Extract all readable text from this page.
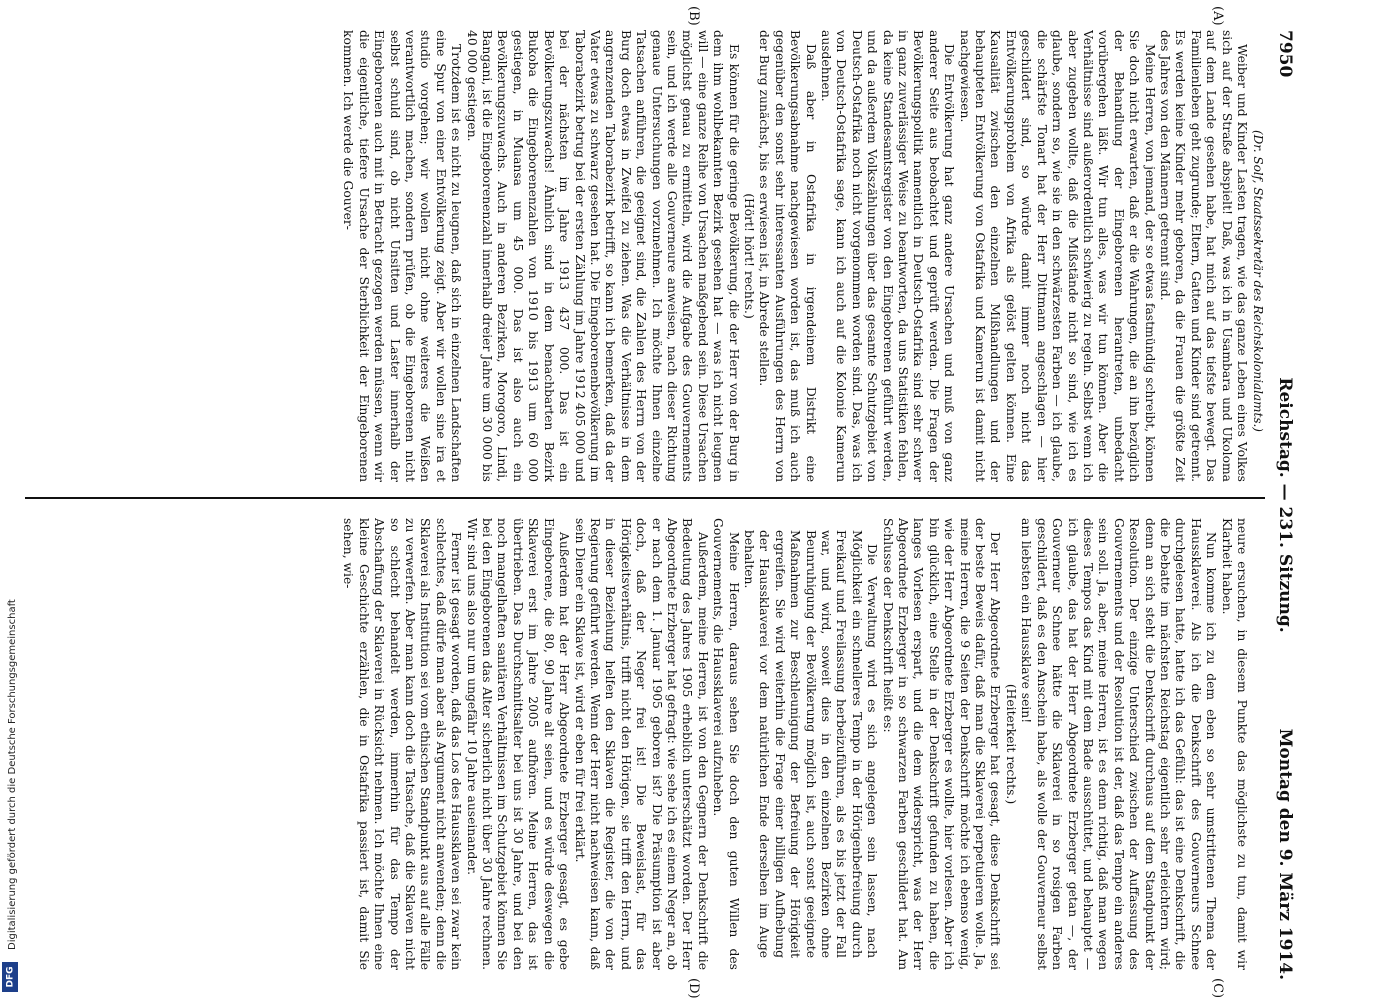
7950
Reichstag. — 231. Sitzung.
Montag den 9. März 1914.
(Dr. Solf, Staatssekretär des Reichskolonialamts.)
(A)
(B)
(C)
(D)

Weiber und Kinder Lasten tragen, wie das ganze Leben eines Volkes sich auf der Straße abspielt! Daß, was ich in Usambara und Ukoloma auf dem Lande gesehen habe, hat mich auf das tiefste bewegt. Das Familienleben geht zugrunde; Eltern, Gatten und Kinder sind getrennt. Es werden keine Kinder mehr geboren, da die Frauen die größte Zeit des Jahres von den Männern getrennt sind.

Meine Herren, von jemand, der so etwas fastmündig schreibt, können Sie doch nicht erwarten, daß er die Wahrungen, die an ihn bezüglich der Behandlung der Eingeborenen herantreten, unbedacht vorübergehen läßt. Wir tun alles, was wir tun können. Aber die Verhältnisse sind außerordentlich schwierig zu regeln. Selbst wenn ich aber zugeben wollte, daß die Mißstände nicht so sind, wie ich es glaube, sondern so, wie sie in den schwärzesten Farben — ich glaube, die schärfste Tonart hat der Herr Dittmann angeschlagen — hier geschildert sind, so würde damit immer noch nicht das Entvölkerungsproblem von Afrika als gelöst gelten können. Eine Kausalität zwischen den einzelnen Mißhandlungen und der behaupteten Entvölkerung von Ostafrika und Kamerun ist damit nicht nachgewiesen.

Die Entvölkerung hat ganz andere Ursachen und muß von ganz anderer Seite aus beobachtet und geprüft werden. Die Fragen der Bevölkerungspolitik namentlich in Deutsch-Ostafrika sind sehr schwer in ganz zuverlässiger Weise zu beantworten, da uns Statistiken fehlen, da keine Standesamtsregister von den Eingeborenen geführt werden, und da außerdem Volkszählungen über das gesamte Schutzgebiet von Deutsch-Ostafrika noch nicht vorgenommen worden sind. Das, was ich von Deutsch-Ostafrika sage, kann ich auch auf die Kolonie Kamerun ausdehnen.

Daß aber in Ostafrika in irgendeinem Distrikt eine Bevölkerungsabnahme nachgewiesen worden ist, das muß ich auch gegenüber den sonst sehr interessanten Ausführungen des Herrn von der Burg zunächst, bis es erwiesen ist, in Abrede stellen.

(Hört! hört! rechts.)

Es können für die geringe Bevölkerung, die der Herr von der Burg in dem ihm wohlbekannten Bezirk gesehen hat — was ich nicht leugnen will — eine ganze Reihe von Ursachen maßgebend sein. Diese Ursachen möglichst genau zu ermitteln, wird die Aufgabe des Gouvernements sein, und ich werde alle Gouverneure anweisen, nach dieser Richtung genaue Untersuchungen vorzunehmen. Ich möchte Ihnen einzelne Tatsachen anführen, die geeignet sind, die Zahlen des Herrn von der Burg doch etwas in Zweifel zu ziehen. Was die Verhältnisse in dem angrenzenden Taborabezirk betrifft, so kann ich bemerken, daß da der Vater etwas zu schwarz gesehen hat. Die Eingeborenenbevölkerung im Taborabezirk betrug bei der ersten Zählung im Jahre 1912 405 000 und bei der nächsten im Jahre 1913 437 000. Das ist ein Bevölkerungszuwachs! Ähnlich sind in dem benachbarten Bezirk Bukoba die Eingeborenenzahlen von 1910 bis 1913 um 60 000 gestiegen, in Muansa um 45 000. Das ist also auch ein Bevölkerungszuwachs. Auch in anderen Bezirken, Morogoro, Lindi, Bangani, ist die Eingeborenenzahl innerhalb dreier Jahre um 30 000 bis 40 000 gestiegen.

Trotzdem ist es nicht zu leugnen, daß sich in einzelnen Landschaften eine Spur von einer Entvölkerung zeigt. Aber wir wollen sine ira et studio vorgehen; wir wollen nicht ohne weiteres die Weißen verantwortlich machen, sondern prüfen, ob die Eingeborenen nicht selbst schuld sind, ob nicht Unsitten und Laster innerhalb der Eingeborenen auch mit in Betracht gezogen werden müssen, wenn wir die eigentliche, tiefere Ursache der Sterblichkeit der Eingeborenen kommen. Ich werde die Gouver-

neure ersuchen, in diesem Punkte das möglichste zu tun, damit wir Klarheit haben.

Nun komme ich zu dem eben so sehr umstrittenen Thema der Haussklaverei. Als ich die Denkschrift des Gouverneurs Schnee durchgelesen hatte, hatte ich das Gefühl: das ist eine Denkschrift, die die Debatte im nächsten Reichstag eigentlich sehr erleichtern wird; denn an sich steht die Denkschrift durchaus auf dem Standpunkt der Resolution. Der einzige Unterschied zwischen der Auffassung des Gouvernements und der Resolution ist der, daß das Tempo ein anderes sein soll. Ja, aber, meine Herren, ist es denn richtig, daß man wegen dieses Tempos das Kind mit dem Bade ausschüttet, und behauptet — ich glaube, das hat der Herr Abgeordnete Erzberger getan —, der Gouverneur Schnee hätte die Sklaverei in so rosigen Farben geschildert, daß es den Anschein habe, als wolle der Gouverneur selbst am liebsten ein Haussklave sein!

(Heiterkeit rechts.)

Der Herr Abgeordnete Erzberger hat gesagt, diese Denkschrift sei der beste Beweis dafür, daß man die Sklaverei perpetuieren wolle. Ja, meine Herren, die 9 Seiten der Denkschrift möchte ich ebenso wenig, wie der Herr Abgeordnete Erzberger es wollte, hier vorlesen. Aber ich bin glücklich, eine Stelle in der Denkschrift gefunden zu haben, die langes Vorlesen erspart, und die dem widerspricht, was der Herr Abgeordnete Erzberger in so schwarzen Farben geschildert hat. Am Schlusse der Denkschrift heißt es:

Die Verwaltung wird es sich angelegen sein lassen, nach Möglichkeit ein schnelleres Tempo in der Hörigenbefreiung durch Freikauf und Freilassung herbeizuführen, als es bis jetzt der Fall war, und wird, soweit dies in den einzelnen Bezirken ohne Beunruhigung der Bevölkerung möglich ist, auch sonst geeignete Maßnahmen zur Beschleunigung der Befreiung der Hörigkeit ergreifen. Sie wird weiterhin die Frage einer billigen Aufhebung der Haussklaverei vor dem natürlichen Ende derselben im Auge behalten.

Meine Herren, daraus sehen Sie doch den guten Willen des Gouvernements, die Haussklaverei aufzuheben.

Außerdem, meine Herren, ist von den Gegnern der Denkschrift die Bedeutung des Jahres 1905 erheblich unterschätzt worden. Der Herr Abgeordnete Erzberger hat gefragt: wie sehe ich es einem Neger an, ob er nach dem 1. Januar 1905 geboren ist? Die Präsumption ist aber doch, daß der Neger frei ist! Die Beweislast, für das Hörigkeitsverhältnis, trifft nicht den Hörigen, sie trifft den Herrn, und in dieser Beziehung helfen den Sklaven die Register, die von der Regierung geführt werden. Wenn der Herr nicht nachweisen kann, daß sein Diener ein Sklave ist, wird er eben für frei erklärt.

Außerdem hat der Herr Abgeordnete Erzberger gesagt, es gebe Eingeborene, die 80, 90 Jahre alt seien, und es würde deswegen die Sklaverei erst im Jahre 2005 aufhören. Meine Herren, das ist übertrieben. Das Durchschnittsalter bei uns ist 30 Jahre, und bei den noch mangelhaften sanitären Verhältnissen im Schutzgebiet können Sie bei den Eingeborenen das Alter sicherlich nicht über 30 Jahre rechnen. Wir sind uns also nur um ungefähr 10 Jahre auseinander.

Ferner ist gesagt worden, daß das Los des Haussklaven sei zwar kein schlechtes, daß dürfe man aber als Argument nicht anwenden; denn die Sklaverei als Institution sei vom ethischen Standpunkt aus auf alle Fälle zu verwerfen. Aber man kann doch die Tatsache, daß die Sklaven nicht so schlecht behandelt werden, immerhin für das Tempo der Abschaffung der Sklaverei in Rücksicht nehmen. Ich möchte Ihnen eine kleine Geschichte erzählen, die in Ostafrika passiert ist, damit Sie sehen, wie-

Digitalisierung gefördert durch die Deutsche Forschungsgemeinschaft
DFG
